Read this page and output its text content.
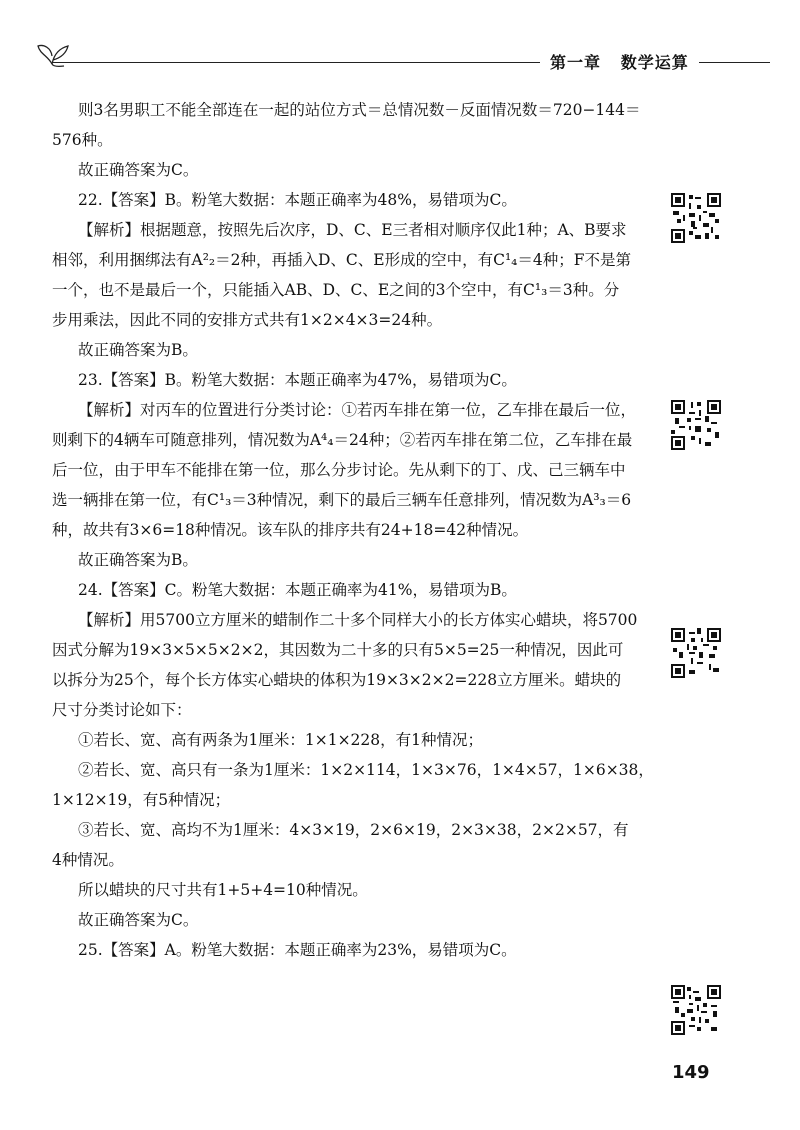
第一章 数学运算
则3名男职工不能全部连在一起的站位方式＝总情况数－反面情况数＝720−144＝
576种。
故正确答案为C。
22.【答案】B。粉笔大数据：本题正确率为48%，易错项为C。
【解析】根据题意，按照先后次序，D、C、E三者相对顺序仅此1种；A、B要求
相邻，利用捆绑法有A²₂＝2种，再插入D、C、E形成的空中，有C¹₄＝4种；F不是第
一个，也不是最后一个，只能插入AB、D、C、E之间的3个空中，有C¹₃＝3种。分
步用乘法，因此不同的安排方式共有1×2×4×3=24种。
故正确答案为B。
23.【答案】B。粉笔大数据：本题正确率为47%，易错项为C。
【解析】对丙车的位置进行分类讨论：①若丙车排在第一位，乙车排在最后一位，
则剩下的4辆车可随意排列，情况数为A⁴₄＝24种；②若丙车排在第二位，乙车排在最
后一位，由于甲车不能排在第一位，那么分步讨论。先从剩下的丁、戊、己三辆车中
选一辆排在第一位，有C¹₃＝3种情况，剩下的最后三辆车任意排列，情况数为A³₃＝6
种，故共有3×6=18种情况。该车队的排序共有24+18=42种情况。
故正确答案为B。
24.【答案】C。粉笔大数据：本题正确率为41%，易错项为B。
【解析】用5700立方厘米的蜡制作二十多个同样大小的长方体实心蜡块，将5700
因式分解为19×3×5×5×2×2，其因数为二十多的只有5×5=25一种情况，因此可
以拆分为25个，每个长方体实心蜡块的体积为19×3×2×2=228立方厘米。蜡块的
尺寸分类讨论如下：
①若长、宽、高有两条为1厘米：1×1×228，有1种情况；
②若长、宽、高只有一条为1厘米：1×2×114，1×3×76，1×4×57，1×6×38，
1×12×19，有5种情况；
③若长、宽、高均不为1厘米：4×3×19，2×6×19，2×3×38，2×2×57，有
4种情况。
所以蜡块的尺寸共有1+5+4=10种情况。
故正确答案为C。
25.【答案】A。粉笔大数据：本题正确率为23%，易错项为C。
149
